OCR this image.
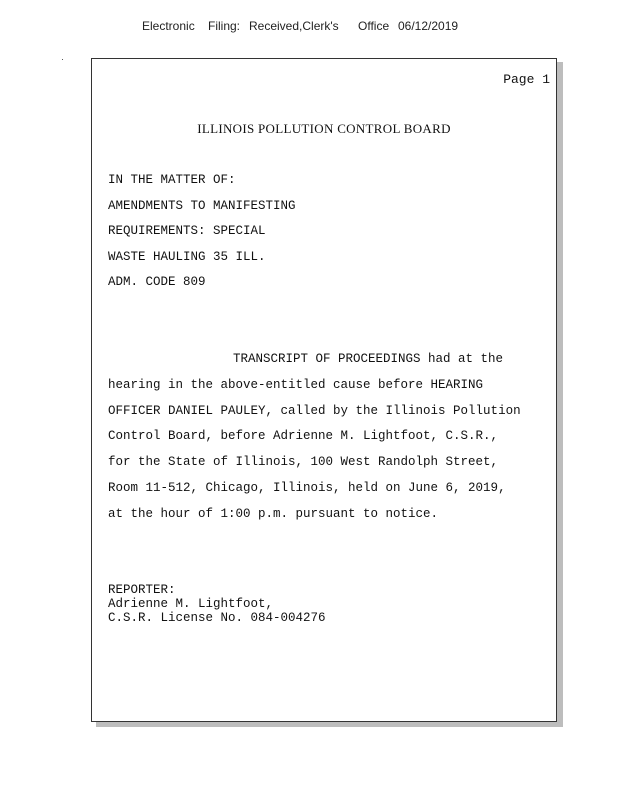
Electronic Filing: Received,Clerk's Office 06/12/2019
Page 1
ILLINOIS POLLUTION CONTROL BOARD
IN THE MATTER OF:
AMENDMENTS TO MANIFESTING
REQUIREMENTS: SPECIAL
WASTE HAULING 35 ILL.
ADM. CODE 809
TRANSCRIPT OF PROCEEDINGS had at the
hearing in the above-entitled cause before HEARING
OFFICER DANIEL PAULEY, called by the Illinois Pollution
Control Board, before Adrienne M. Lightfoot, C.S.R.,
for the State of Illinois, 100 West Randolph Street,
Room 11-512, Chicago, Illinois, held on June 6, 2019,
at the hour of 1:00 p.m. pursuant to notice.
REPORTER:
Adrienne M. Lightfoot,
C.S.R. License No. 084-004276
